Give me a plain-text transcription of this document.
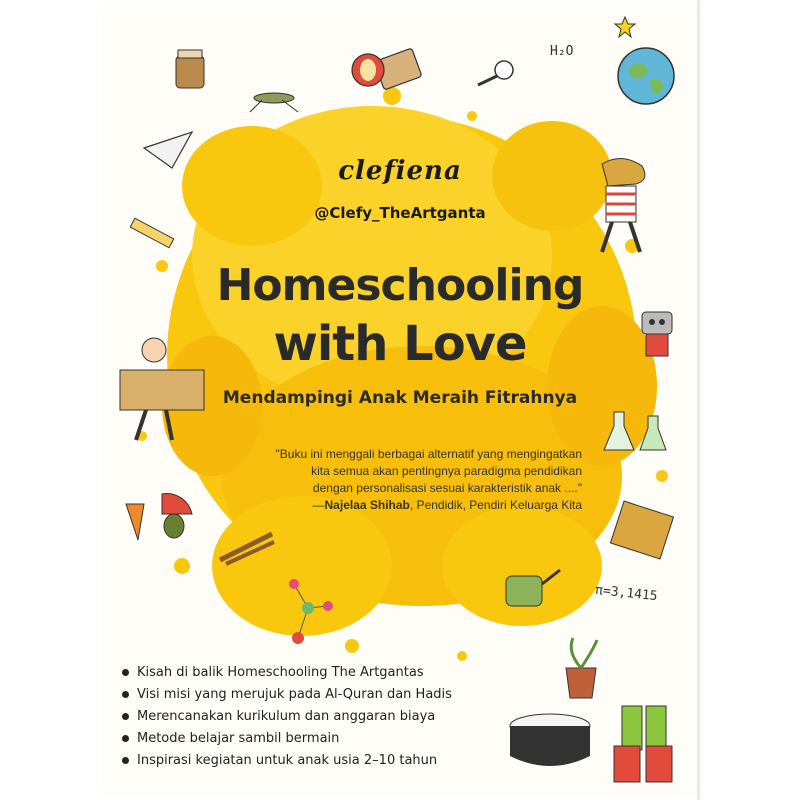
H₂O
π=3,1415
clefiena
@Clefy_TheArtganta
Homeschooling
with Love
Mendampingi Anak Meraih Fitrahnya
"Buku ini menggali berbagai alternatif yang mengingatkan
kita semua akan pentingnya paradigma pendidikan
dengan personalisasi sesuai karakteristik anak ...."
—Najelaa Shihab, Pendidik, Pendiri Keluarga Kita
Kisah di balik Homeschooling The Artgantas
Visi misi yang merujuk pada Al-Quran dan Hadis
Merencanakan kurikulum dan anggaran biaya
Metode belajar sambil bermain
Inspirasi kegiatan untuk anak usia 2–10 tahun
